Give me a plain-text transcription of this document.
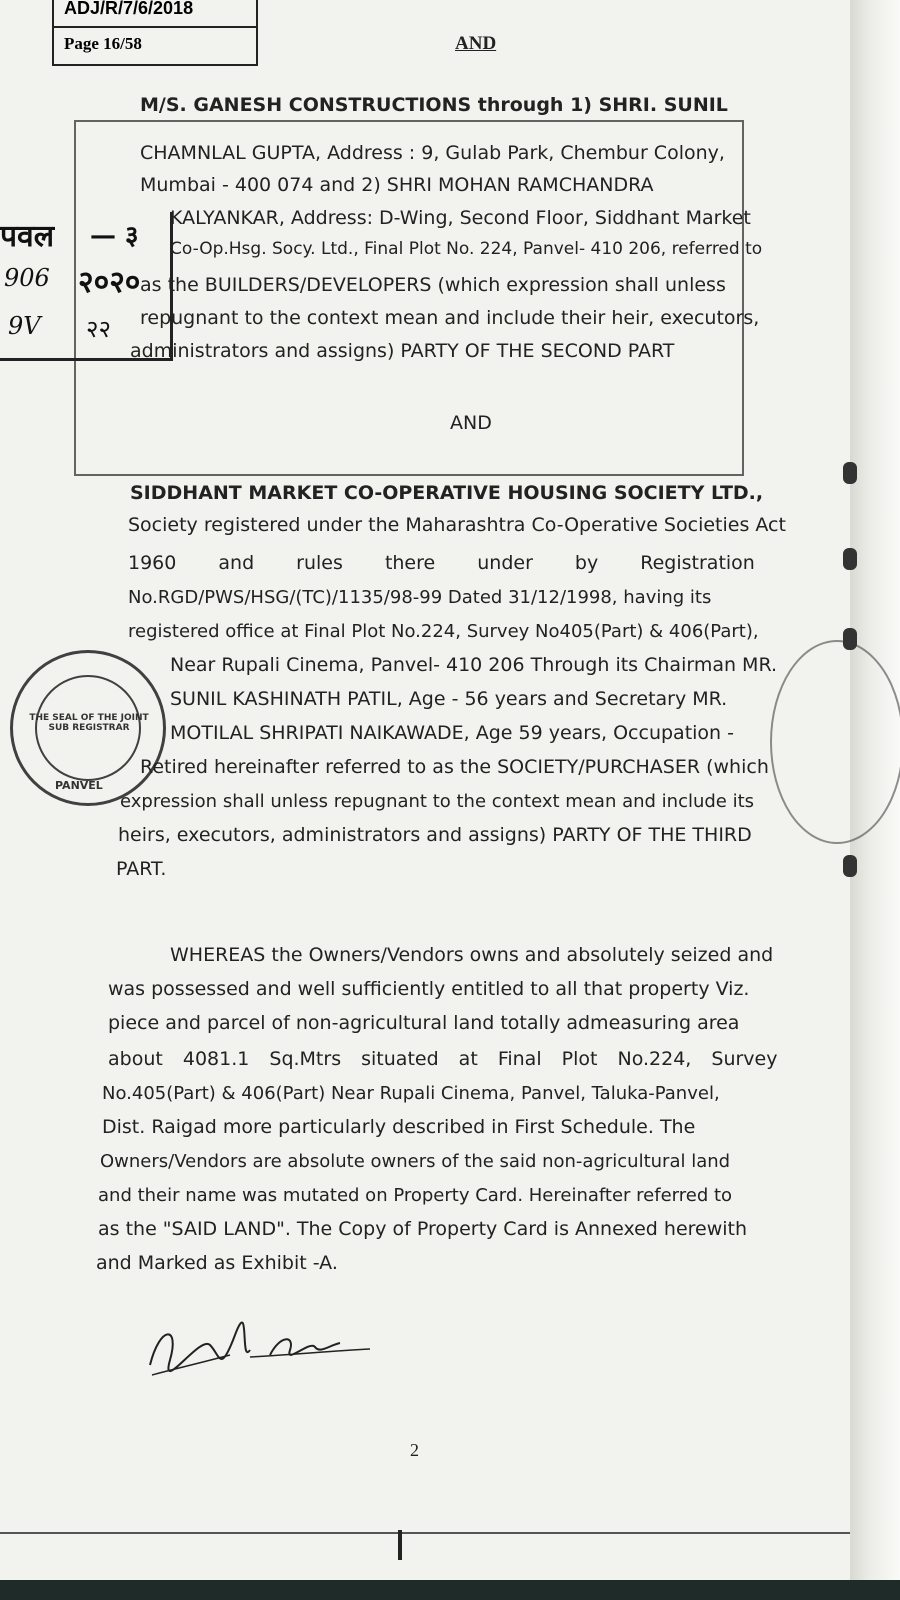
ADJ/R/7/6/2018
Page 16/58	AND
पवल — ३
906 २०२०
9V २२
M/S. GANESH CONSTRUCTIONS through 1) SHRI. SUNIL
CHAMNLAL GUPTA, Address : 9, Gulab Park, Chembur Colony,
Mumbai - 400 074 and 2) SHRI MOHAN RAMCHANDRA
KALYANKAR, Address: D-Wing, Second Floor, Siddhant Market
Co-Op.Hsg. Socy. Ltd., Final Plot No. 224, Panvel- 410 206, referred to
as the BUILDERS/DEVELOPERS (which expression shall unless
repugnant to the context mean and include their heir, executors,
administrators and assigns) PARTY OF THE SECOND PART
AND
SIDDHANT MARKET CO-OPERATIVE HOUSING SOCIETY LTD.,
Society registered under the Maharashtra Co-Operative Societies Act
1960 and rules there under by Registration
No.RGD/PWS/HSG/(TC)/1135/98-99 Dated 31/12/1998, having its
registered office at Final Plot No.224, Survey No405(Part) & 406(Part),
Near Rupali Cinema, Panvel- 410 206 Through its Chairman MR.
SUNIL KASHINATH PATIL, Age - 56 years and Secretary MR.
MOTILAL SHRIPATI NAIKAWADE, Age 59 years, Occupation -
Retired hereinafter referred to as the SOCIETY/PURCHASER (which
expression shall unless repugnant to the context mean and include its
heirs, executors, administrators and assigns) PARTY OF THE THIRD
PART.
THE SEAL OF THE JOINT SUB REGISTRAR
PANVEL
WHEREAS the Owners/Vendors owns and absolutely seized and
was possessed and well sufficiently entitled to all that property Viz.
piece and parcel of non-agricultural land totally admeasuring area
about 4081.1 Sq.Mtrs situated at Final Plot No.224, Survey
No.405(Part) & 406(Part) Near Rupali Cinema, Panvel, Taluka-Panvel,
Dist. Raigad more particularly described in First Schedule. The
Owners/Vendors are absolute owners of the said non-agricultural land
and their name was mutated on Property Card. Hereinafter referred to
as the "SAID LAND". The Copy of Property Card is Annexed herewith
and Marked as Exhibit -A.
2
